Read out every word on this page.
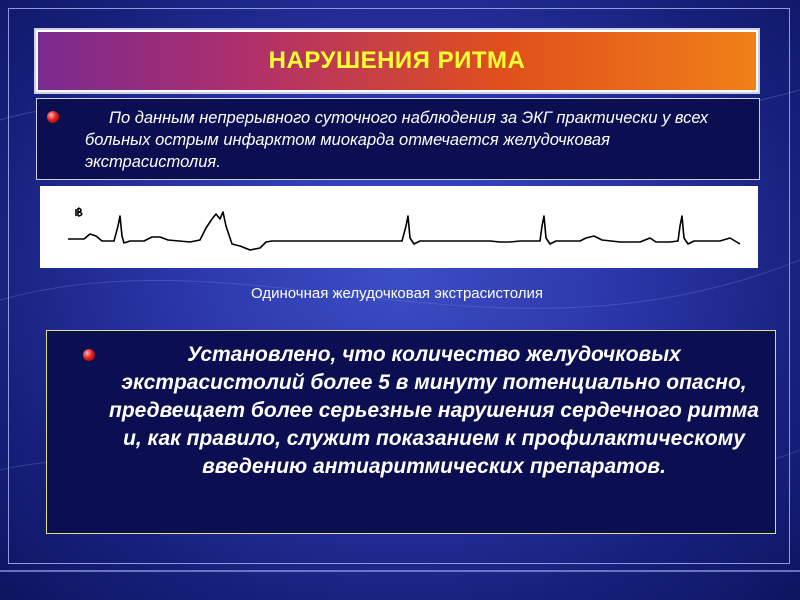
НАРУШЕНИЯ РИТМА
По данным непрерывного суточного наблюдения за ЭКГ практически у всех больных острым инфарктом миокарда отмечается желудочковая экстрасистолия.
Одиночная желудочковая экстрасистолия
Установлено, что количество желудочковых экстрасистолий более 5 в минуту потенциально опасно, предвещает более серьезные нарушения сердечного ритма и, как правило, служит показанием к профилактическому введению антиаритмических препаратов.
